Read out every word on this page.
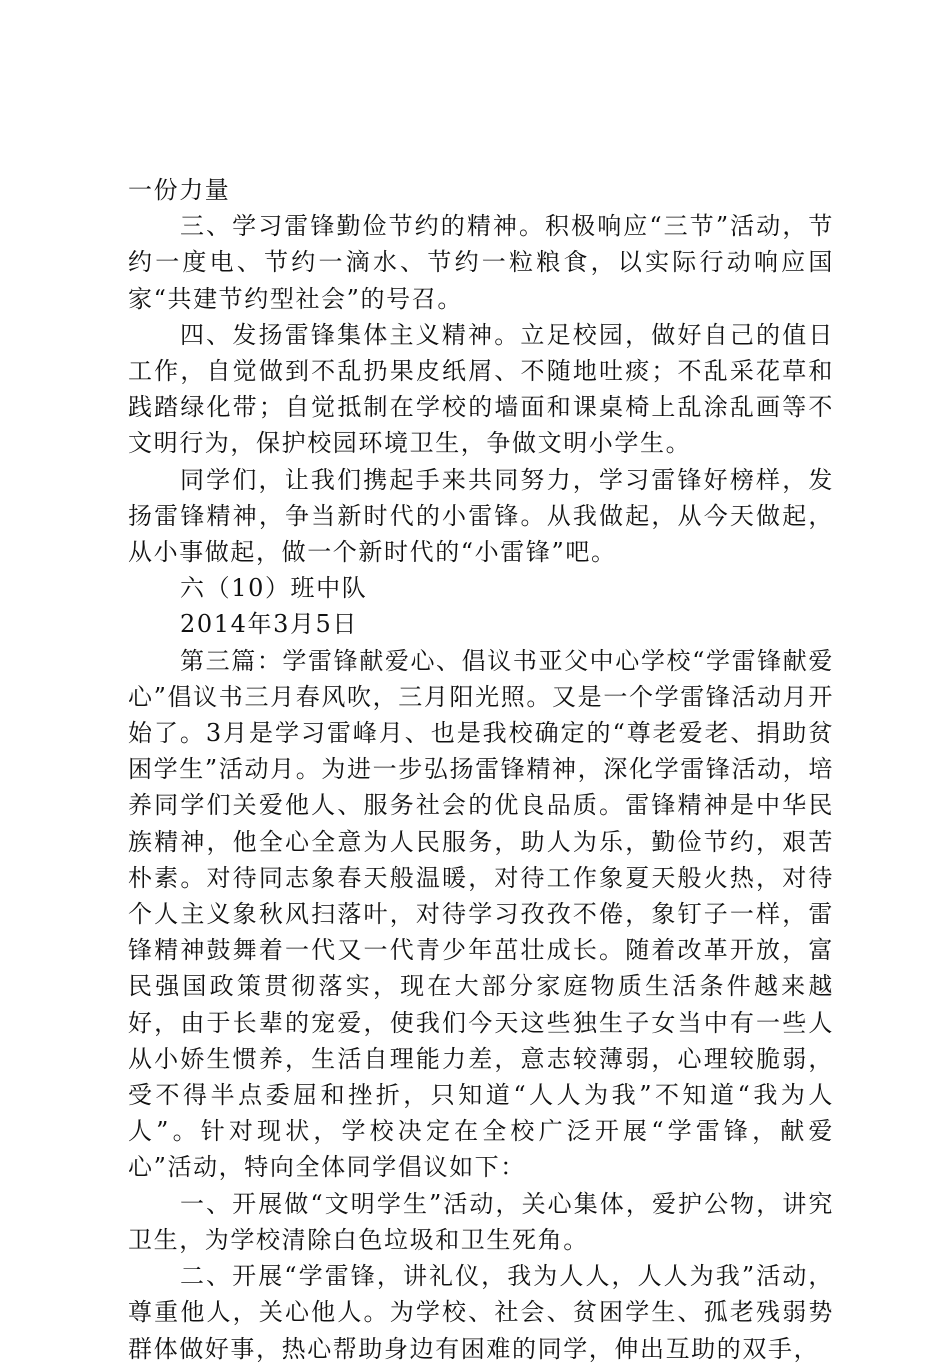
一份力量

三、学习雷锋勤俭节约的精神。积极响应“三节”活动，节约一度电、节约一滴水、节约一粒粮食，以实际行动响应国家“共建节约型社会”的号召。

四、发扬雷锋集体主义精神。立足校园，做好自己的值日工作，自觉做到不乱扔果皮纸屑、不随地吐痰；不乱采花草和践踏绿化带；自觉抵制在学校的墙面和课桌椅上乱涂乱画等不文明行为，保护校园环境卫生，争做文明小学生。

同学们，让我们携起手来共同努力，学习雷锋好榜样，发扬雷锋精神，争当新时代的小雷锋。从我做起，从今天做起，从小事做起，做一个新时代的“小雷锋”吧。

六（10）班中队

2014年3月5日

第三篇：学雷锋献爱心、倡议书亚父中心学校“学雷锋献爱心”倡议书三月春风吹，三月阳光照。又是一个学雷锋活动月开始了。3月是学习雷峰月、也是我校确定的“尊老爱老、捐助贫困学生”活动月。为进一步弘扬雷锋精神，深化学雷锋活动，培养同学们关爱他人、服务社会的优良品质。雷锋精神是中华民族精神，他全心全意为人民服务，助人为乐，勤俭节约，艰苦朴素。对待同志象春天般温暖，对待工作象夏天般火热，对待个人主义象秋风扫落叶，对待学习孜孜不倦，象钉子一样，雷锋精神鼓舞着一代又一代青少年茁壮成长。随着改革开放，富民强国政策贯彻落实，现在大部分家庭物质生活条件越来越好，由于长辈的宠爱，使我们今天这些独生子女当中有一些人从小娇生惯养，生活自理能力差，意志较薄弱，心理较脆弱，受不得半点委屈和挫折，只知道“人人为我”不知道“我为人人”。针对现状，学校决定在全校广泛开展“学雷锋，献爱心”活动，特向全体同学倡议如下：

一、开展做“文明学生”活动，关心集体，爱护公物，讲究卫生，为学校清除白色垃圾和卫生死角。

二、开展“学雷锋，讲礼仪，我为人人，人人为我”活动，尊重他人，关心他人。为学校、社会、贫困学生、孤老残弱势群体做好事，热心帮助身边有困难的同学，伸出互助的双手，
